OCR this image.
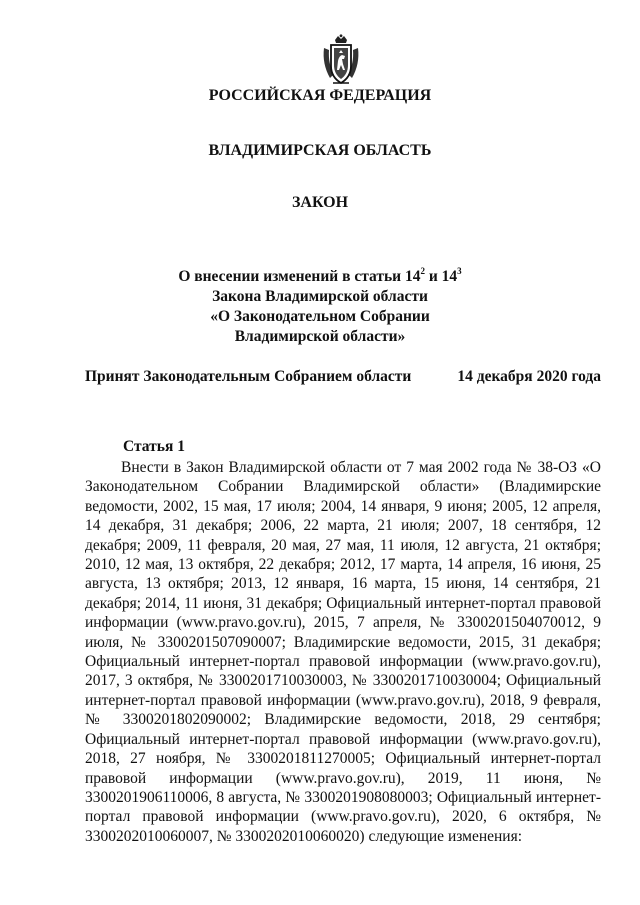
РОССИЙСКАЯ ФЕДЕРАЦИЯ
ВЛАДИМИРСКАЯ ОБЛАСТЬ
ЗАКОН
О внесении изменений в статьи $14^2$ и $14^3$
Закона Владимирской области
«О Законодательном Собрании
Владимирской области»
Принят Законодательным Собранием области	14 декабря 2020 года
Статья 1

Внести в Закон Владимирской области от 7 мая 2002 года № 38-ОЗ «О Законодательном Собрании Владимирской области» (Владимирские ведомости, 2002, 15 мая, 17 июля; 2004, 14 января, 9 июня; 2005, 12 апреля, 14 декабря, 31 декабря; 2006, 22 марта, 21 июля; 2007, 18 сентября, 12 декабря; 2009, 11 февраля, 20 мая, 27 мая, 11 июля, 12 августа, 21 октября; 2010, 12 мая, 13 октября, 22 декабря; 2012, 17 марта, 14 апреля, 16 июня, 25 августа, 13 октября; 2013, 12 января, 16 марта, 15 июня, 14 сентября, 21 декабря; 2014, 11 июня, 31 декабря; Официальный интернет-портал правовой информации (www.pravo.gov.ru), 2015, 7 апреля, № 3300201504070012, 9 июля, № 3300201507090007; Владимирские ведомости, 2015, 31 декабря; Официальный интернет-портал правовой информации (www.pravo.gov.ru), 2017, 3 октября, № 3300201710030003, № 3300201710030004; Официальный интернет-портал правовой информации (www.pravo.gov.ru), 2018, 9 февраля, № 3300201802090002; Владимирские ведомости, 2018, 29 сентября; Официальный интернет-портал правовой информации (www.pravo.gov.ru), 2018, 27 ноября, № 3300201811270005; Официальный интернет-портал правовой информации (www.pravo.gov.ru), 2019, 11 июня, № 3300201906110006, 8 августа, № 3300201908080003; Официальный интернет-портал правовой информации (www.pravo.gov.ru), 2020, 6 октября, № 3300202010060007, № 3300202010060020) следующие изменения:
